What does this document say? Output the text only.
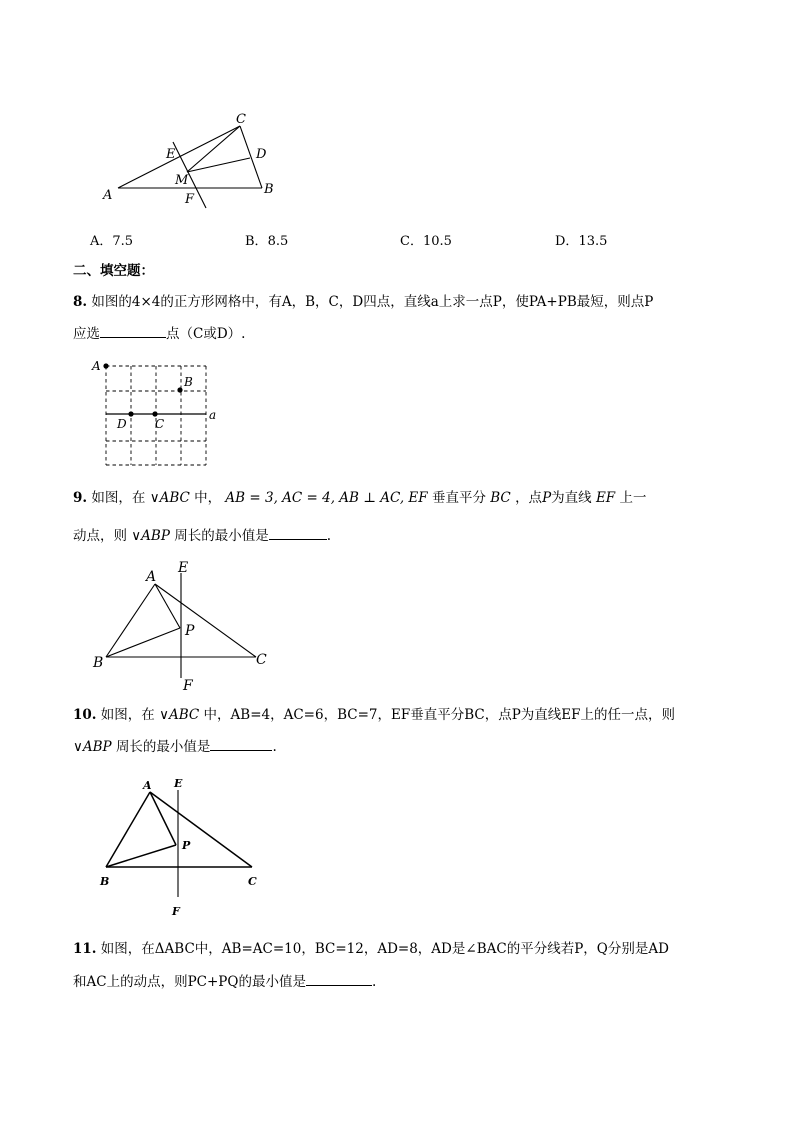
C
E	D
M
B
A	F
A．7.5	B．8.5	C．10.5	D．13.5
二、填空题：
8. 如图的4×4的正方形网格中，有A，B，C，D四点，直线a上求一点P，使PA+PB最短，则点P
应选	点（C或D）.
A
B
D C
a
9. 如图，在 ∨ABC 中， AB = 3, AC = 4, AB ⊥ AC, EF 垂直平分 BC ，点P为直线 EF 上一
动点，则 ∨ABP 周长的最小值是	.
A
E
P
B	C
F
10. 如图，在 ∨ABC 中，AB=4，AC=6，BC=7，EF垂直平分BC，点P为直线EF上的任一点，则
∨ABP 周长的最小值是	.
A E
P
B	C
F
11. 如图，在ΔABC中，AB=AC=10，BC=12，AD=8，AD是∠BAC的平分线若P，Q分别是AD
和AC上的动点，则PC+PQ的最小值是	.
